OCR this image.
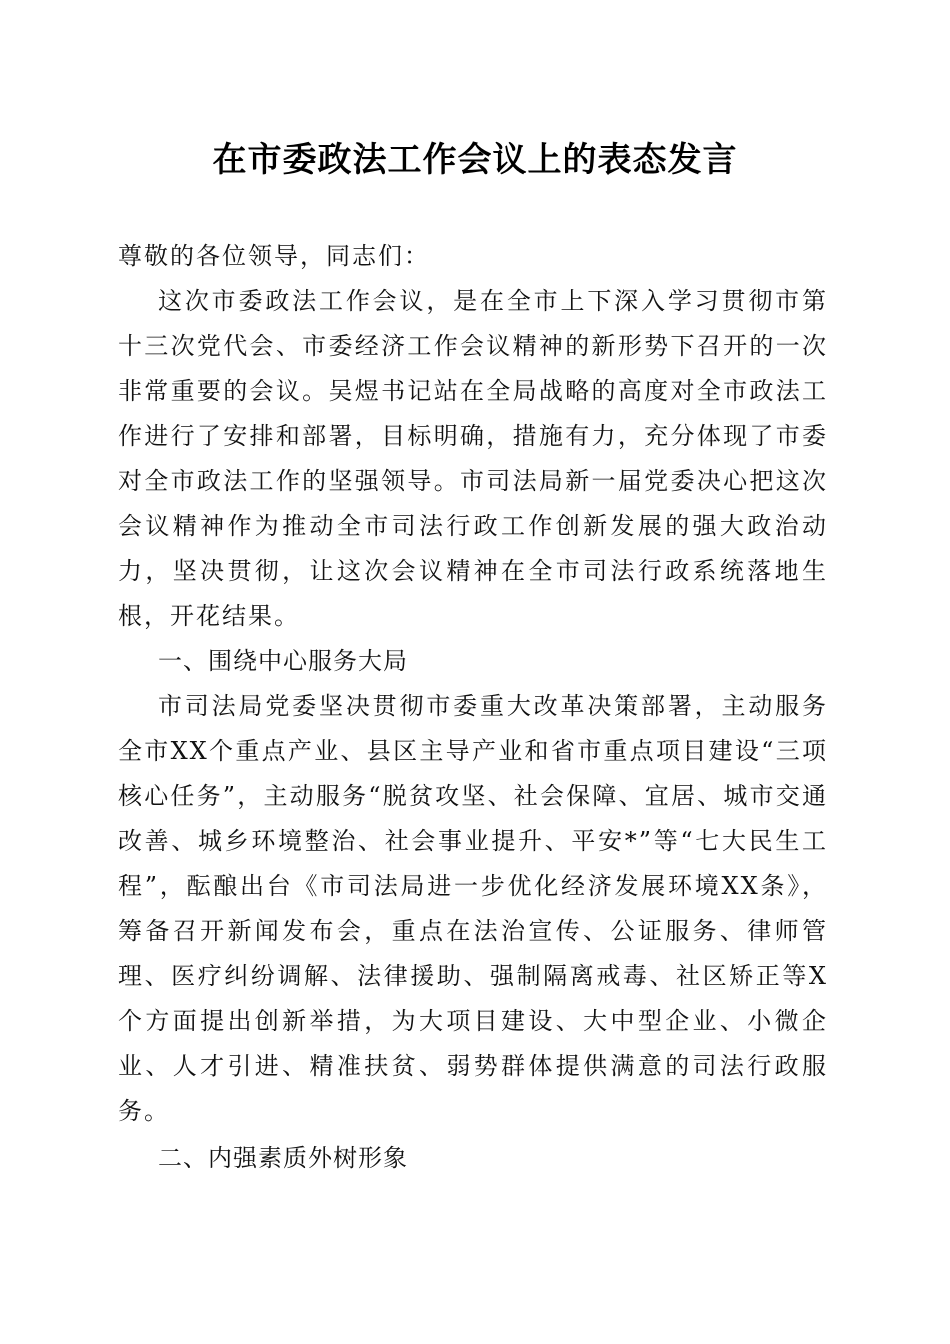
在市委政法工作会议上的表态发言

尊敬的各位领导，同志们：

这次市委政法工作会议，是在全市上下深入学习贯彻市第十三次党代会、市委经济工作会议精神的新形势下召开的一次非常重要的会议。吴煜书记站在全局战略的高度对全市政法工作进行了安排和部署，目标明确，措施有力，充分体现了市委对全市政法工作的坚强领导。市司法局新一届党委决心把这次会议精神作为推动全市司法行政工作创新发展的强大政治动力，坚决贯彻，让这次会议精神在全市司法行政系统落地生根，开花结果。

一、围绕中心服务大局

市司法局党委坚决贯彻市委重大改革决策部署，主动服务全市XX个重点产业、县区主导产业和省市重点项目建设“三项核心任务”，主动服务“脱贫攻坚、社会保障、宜居、城市交通改善、城乡环境整治、社会事业提升、平安*”等“七大民生工程”，酝酿出台《市司法局进一步优化经济发展环境XX条》，筹备召开新闻发布会，重点在法治宣传、公证服务、律师管理、医疗纠纷调解、法律援助、强制隔离戒毒、社区矫正等X个方面提出创新举措，为大项目建设、大中型企业、小微企业、人才引进、精准扶贫、弱势群体提供满意的司法行政服务。

二、内强素质外树形象
